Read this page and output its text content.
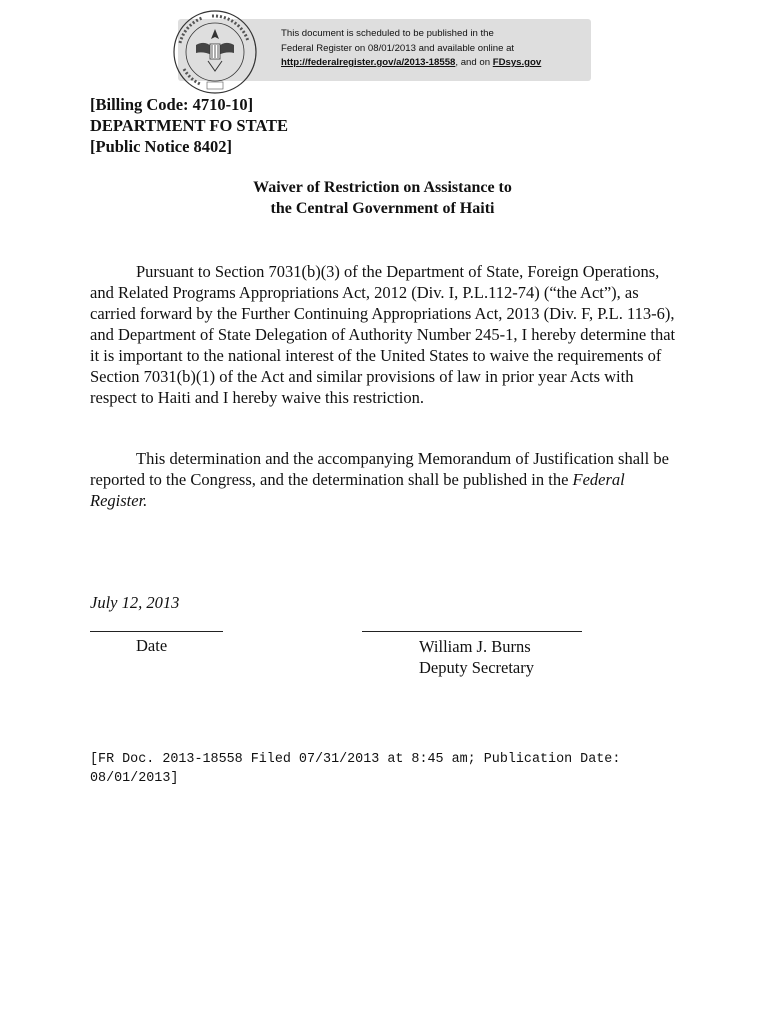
This document is scheduled to be published in the
Federal Register on 08/01/2013 and available online at
http://federalregister.gov/a/2013-18558, and on FDsys.gov
[Billing Code: 4710-10]
DEPARTMENT FO STATE
[Public Notice 8402]
Waiver of Restriction on Assistance to
the Central Government of Haiti

Pursuant to Section 7031(b)(3) of the Department of State, Foreign Operations, and Related Programs Appropriations Act, 2012 (Div. I, P.L.112-74) (“the Act”), as carried forward by the Further Continuing Appropriations Act, 2013 (Div. F, P.L. 113-6), and Department of State Delegation of Authority Number 245-1, I hereby determine that it is important to the national interest of the United States to waive the requirements of Section 7031(b)(1) of the Act and similar provisions of law in prior year Acts with respect to Haiti and I hereby waive this restriction.

This determination and the accompanying Memorandum of Justification shall be reported to the Congress, and the determination shall be published in the Federal Register.

July 12, 2013
Date	William J. Burns
Deputy Secretary
[FR Doc. 2013-18558 Filed 07/31/2013 at 8:45 am; Publication Date: 08/01/2013]
